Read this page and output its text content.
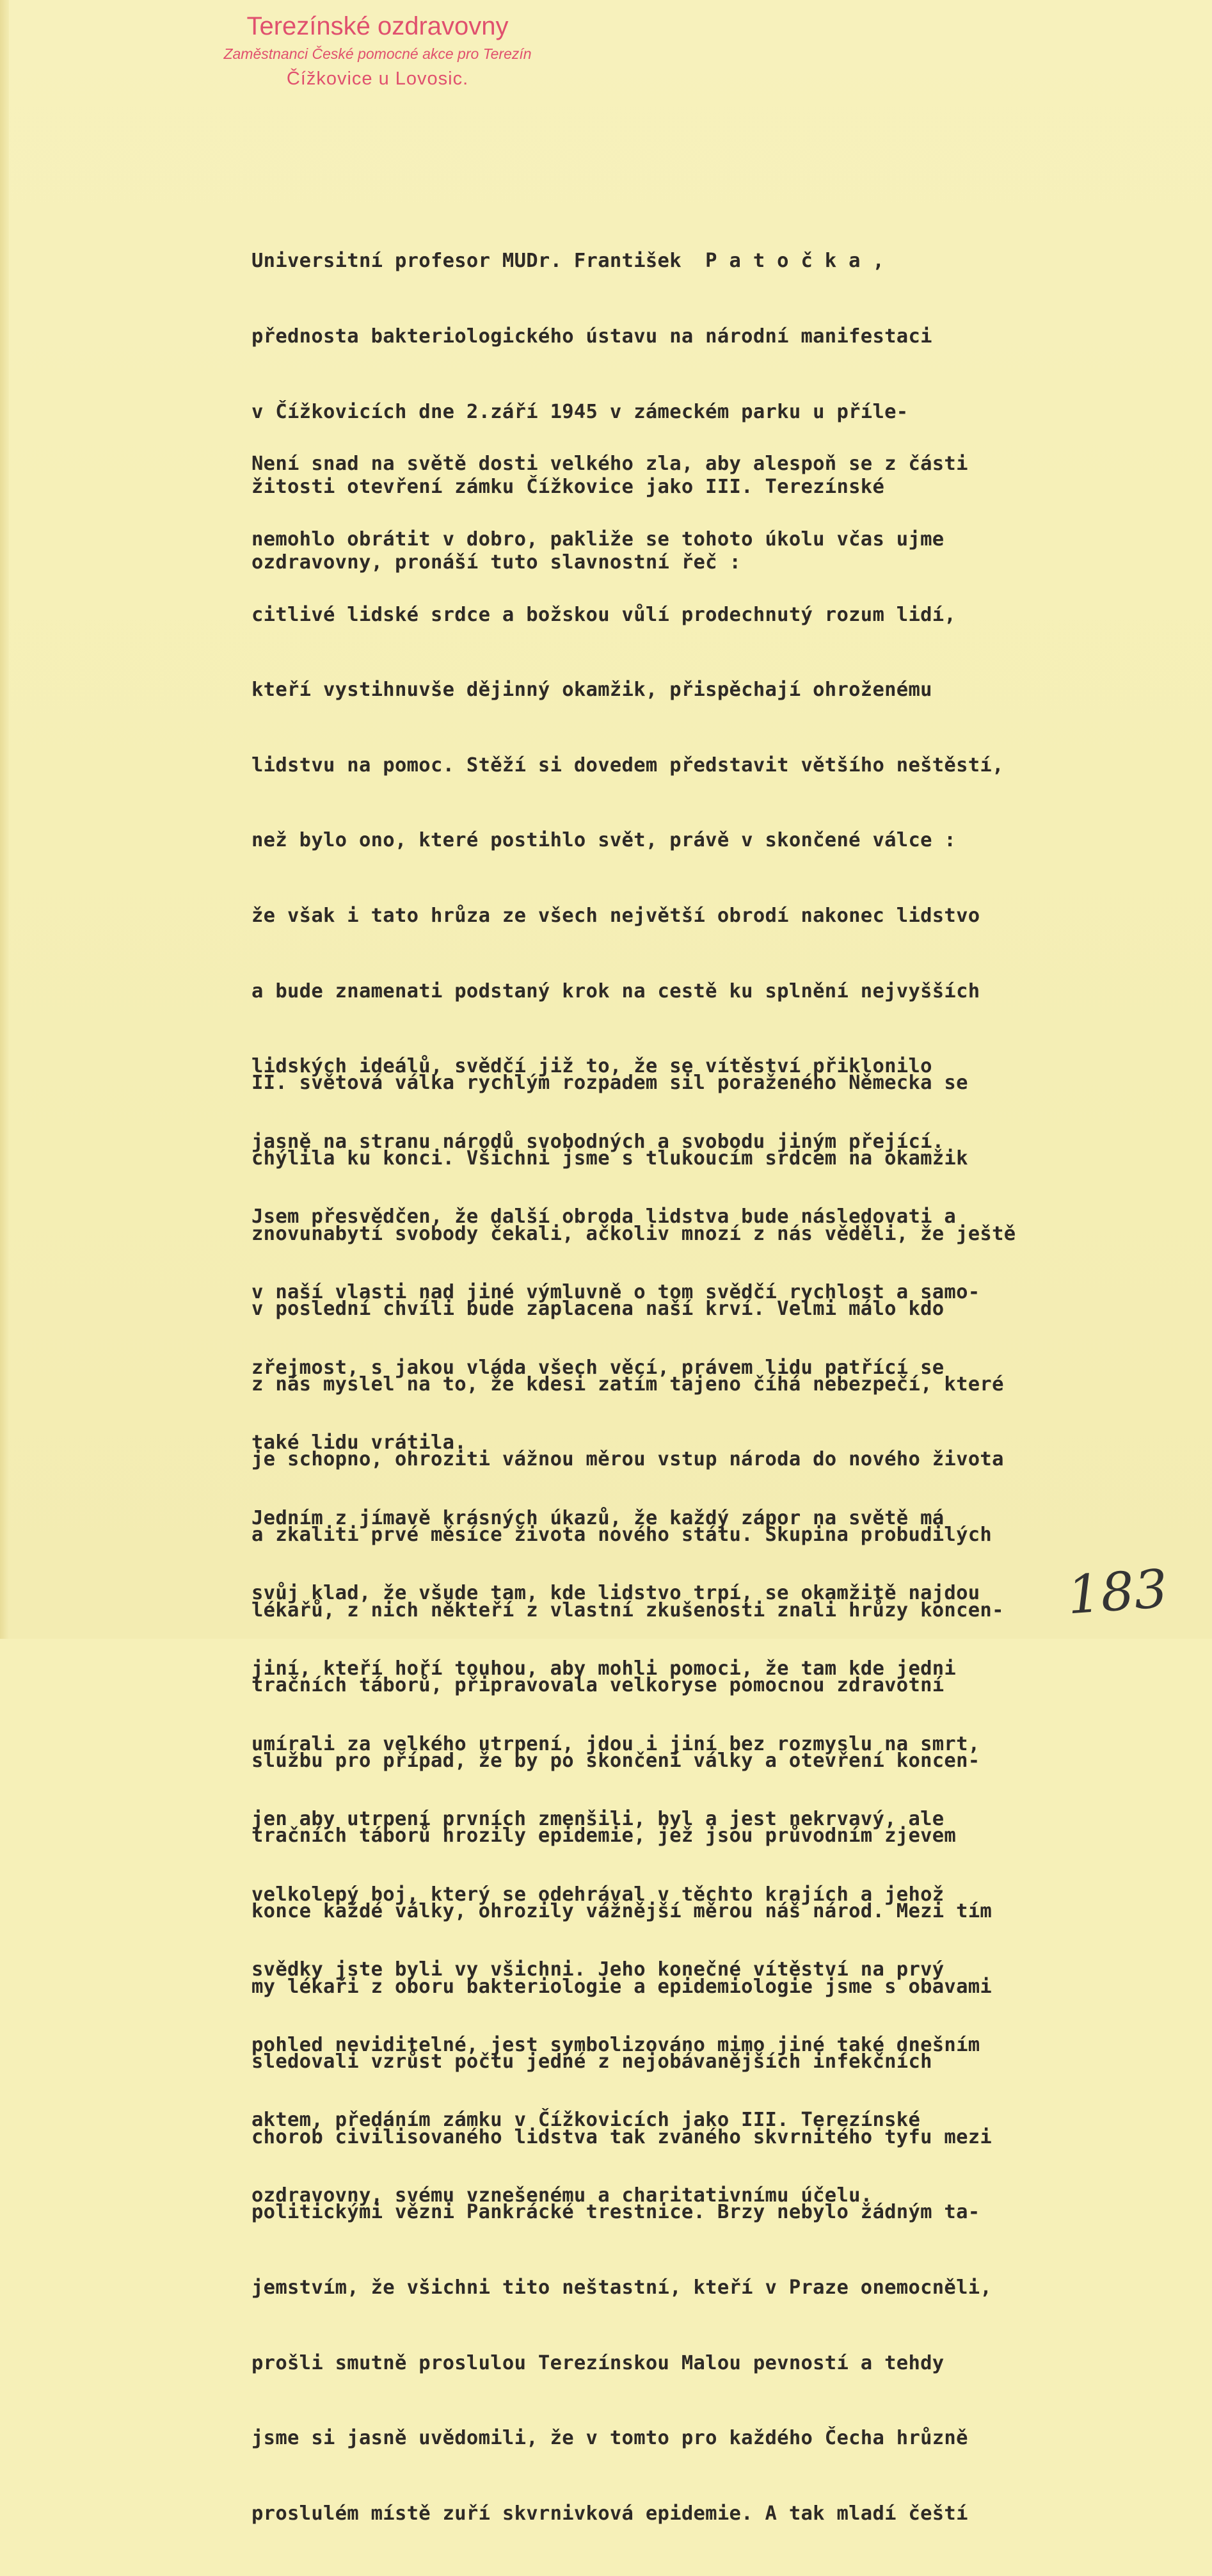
Terezínské ozdravovny
Zaměstnanci České pomocné akce pro Terezín
Čížkovice u Lovosic.

Universitní profesor MUDr. František  P a t o č k a ,

přednosta bakteriologického ústavu na národní manifestaci

v Čížkovicích dne 2.září 1945 v zámeckém parku u příle-

žitosti otevření zámku Čížkovice jako III. Terezínské

ozdravovny, pronáší tuto slavnostní řeč :

Není snad na světě dosti velkého zla, aby alespoň se z části

nemohlo obrátit v dobro, pakliže se tohoto úkolu včas ujme

citlivé lidské srdce a božskou vůlí prodechnutý rozum lidí,

kteří vystihnuvše dějinný okamžik, přispěchají ohroženému

lidstvu na pomoc. Stěží si dovedem představit většího neštěstí,

než bylo ono, které postihlo svět, právě v skončené válce :

že však i tato hrůza ze všech největší obrodí nakonec lidstvo

a bude znamenati podstaný krok na cestě ku splnění nejvyšších

lidských ideálů, svědčí již to, že se vítěství přiklonilo

jasně na stranu národů svobodných a svobodu jiným přející.

Jsem přesvědčen, že další obroda lidstva bude následovati a

v naší vlasti nad jiné výmluvně o tom svědčí rychlost a samo-

zřejmost, s jakou vláda všech věcí, právem lidu patřící se

také lidu vrátila.

Jedním z jímavě krásných úkazů, že každý zápor na světě má

svůj klad, že všude tam, kde lidstvo trpí, se okamžitě najdou

jiní, kteří hoří touhou, aby mohli pomoci, že tam kde jedni

umírali za velkého utrpení, jdou i jiní bez rozmyslu na smrt,

jen aby utrpení prvních zmenšili, byl a jest nekrvavý, ale

velkolepý boj, který se odehrával v těchto krajích a jehož

svědky jste byli vy všichni. Jeho konečné vítěství na prvý

pohled neviditelné, jest symbolizováno mimo jiné také dnešním

aktem, předáním zámku v Čížkovicích jako III. Terezínské

ozdravovny, svému vznešenému a charitativnímu účelu.

II. světová válka rychlým rozpadem sil poraženého Německa se

chýlila ku konci. Všichni jsme s tlukoucím srdcem na okamžik

znovunabytí svobody čekali, ačkoliv mnozí z nás věděli, že ještě

v poslední chvíli bude zaplacena naší krví. Velmi málo kdo

z nás myslel na to, že kdesi zatím tajeno číhá nebezpečí, které

je schopno, ohroziti vážnou měrou vstup národa do nového života

a zkaliti prvé měsíce života nového státu. Skupina probudilých

lékařů, z nich někteří z vlastní zkušenosti znali hrůzy koncen-

tračních táborů, připravovala velkoryse pomocnou zdravotní

službu pro případ, že by po skončení války a otevření koncen-

tračních táborů hrozily epidemie, jež jsou průvodním zjevem

konce každé války, ohrozily vážnější měrou náš národ. Mezi tím

my lékaři z oboru bakteriologie a epidemiologie jsme s obavami

sledovali vzrůst počtu jedné z nejobávanějších infekčních

chorob civilisovaného lidstva tak zvaného skvrnitého tyfu mezi

politickými vězni Pankrácké trestnice. Brzy nebylo žádným ta-

jemstvím, že všichni tito neštastní, kteří v Praze onemocněli,

prošli smutně proslulou Terezínskou Malou pevností a tehdy

jsme si jasně uvědomili, že v tomto pro každého Čecha hrůzně

proslulém místě zuří skvrnivková epidemie. A tak mladí čeští

183
